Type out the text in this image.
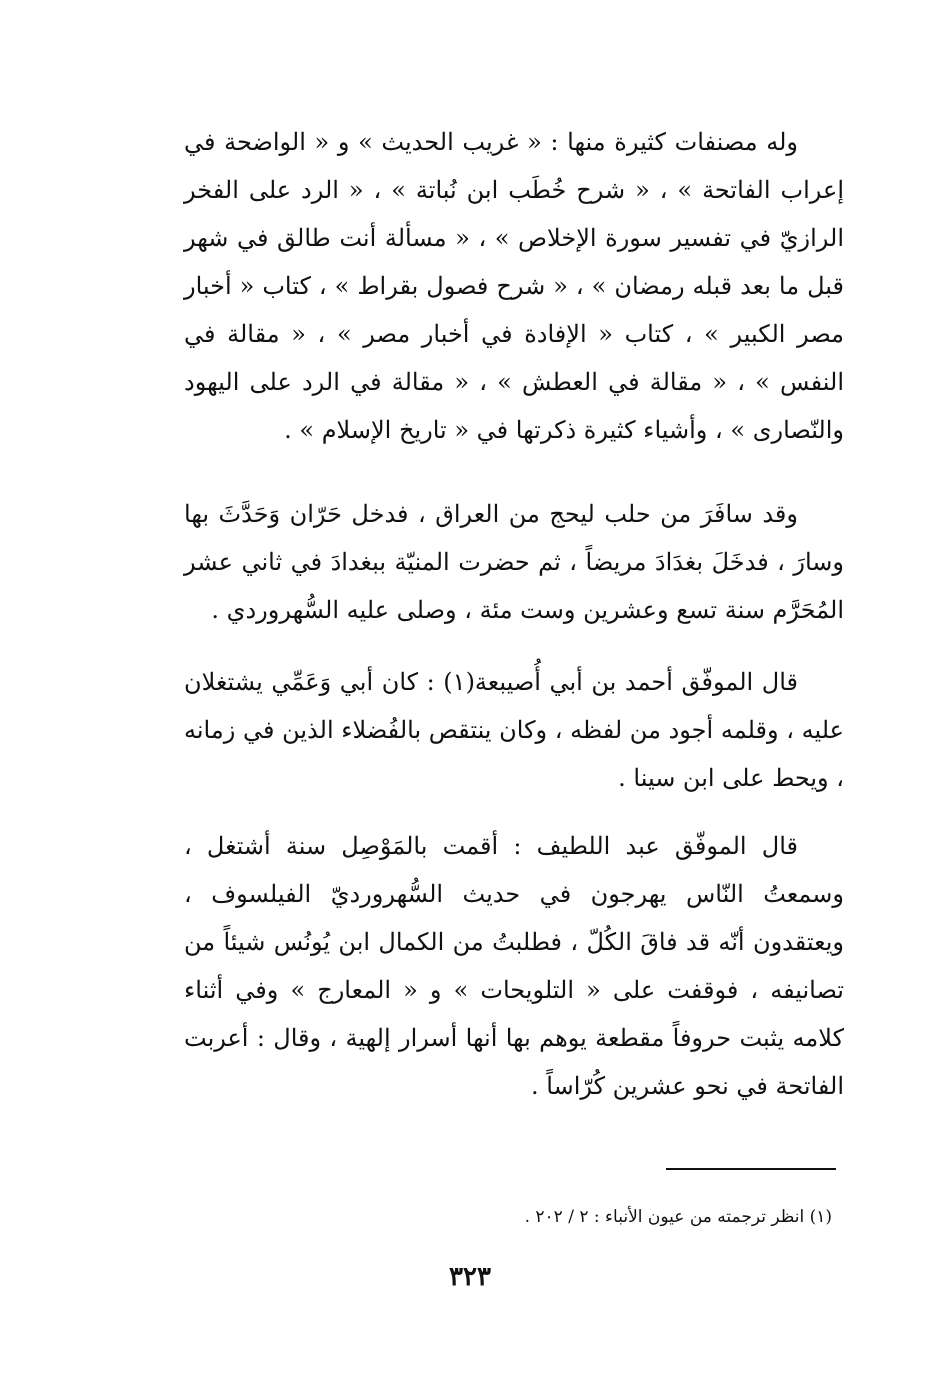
وله مصنفات كثيرة منها : « غريب الحديث » و « الواضحة في إعراب الفاتحة » ، « شرح خُطَب ابن نُباتة » ، « الرد على الفخر الرازيّ في تفسير سورة الإخلاص » ، « مسألة أنت طالق في شهر قبل ما بعد قبله رمضان » ، « شرح فصول بقراط » ، كتاب « أخبار مصر الكبير » ، كتاب « الإفادة في أخبار مصر » ، « مقالة في النفس » ، « مقالة في العطش » ، « مقالة في الرد على اليهود والنّصارى » ، وأشياء كثيرة ذكرتها في « تاريخ الإسلام » .

وقد سافَرَ من حلب ليحج من العراق ، فدخل حَرّان وَحَدَّثَ بها وسارَ ، فدخَلَ بغدَادَ مريضاً ، ثم حضرت المنيّة ببغدادَ في ثاني عشر المُحَرَّم سنة تسع وعشرين وست مئة ، وصلى عليه السُّهروردي .

قال الموفّق أحمد بن أبي أُصيبعة(١) : كان أبي وَعَمِّي يشتغلان عليه ، وقلمه أجود من لفظه ، وكان ينتقص بالفُضلاء الذين في زمانه ، ويحط على ابن سينا .

قال الموفّق عبد اللطيف : أقمت بالمَوْصِل سنة أشتغل ، وسمعتُ النّاس يهرجون في حديث السُّهرورديّ الفيلسوف ، ويعتقدون أنّه قد فاقَ الكُلّ ، فطلبتُ من الكمال ابن يُونُس شيئاً من تصانيفه ، فوقفت على « التلويحات » و « المعارج » وفي أثناء كلامه يثبت حروفاً مقطعة يوهم بها أنها أسرار إلهية ، وقال : أعربت الفاتحة في نحو عشرين كُرّاساً .

(١) انظر ترجمته من عيون الأنباء : ٢ / ٢٠٢ .
٣٢٣
